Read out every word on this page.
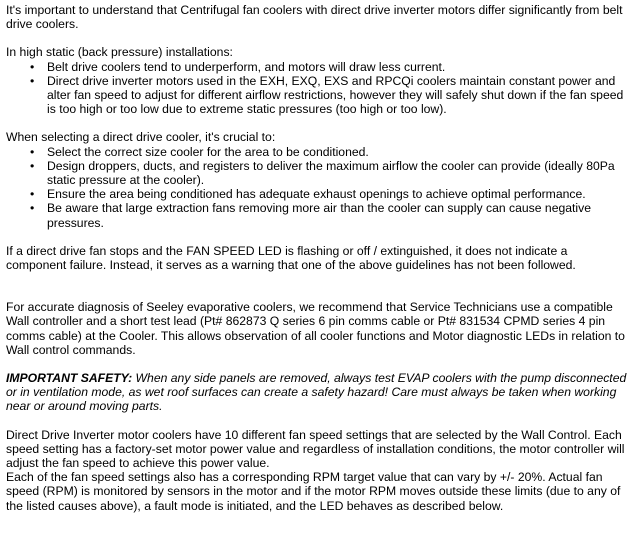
It's important to understand that Centrifugal fan coolers with direct drive inverter motors differ significantly from belt drive coolers.

In high static (back pressure) installations:

• Belt drive coolers tend to underperform, and motors will draw less current.
• Direct drive inverter motors used in the EXH, EXQ, EXS and RPCQi coolers maintain constant power and alter fan speed to adjust for different airflow restrictions, however they will safely shut down if the fan speed is too high or too low due to extreme static pressures (too high or too low).

When selecting a direct drive cooler, it's crucial to:

• Select the correct size cooler for the area to be conditioned.
• Design droppers, ducts, and registers to deliver the maximum airflow the cooler can provide (ideally 80Pa static pressure at the cooler).
• Ensure the area being conditioned has adequate exhaust openings to achieve optimal performance.
• Be aware that large extraction fans removing more air than the cooler can supply can cause negative pressures.

If a direct drive fan stops and the FAN SPEED LED is flashing or off / extinguished, it does not indicate a component failure. Instead, it serves as a warning that one of the above guidelines has not been followed.

For accurate diagnosis of Seeley evaporative coolers, we recommend that Service Technicians use a compatible Wall controller and a short test lead (Pt# 862873 Q series 6 pin comms cable or Pt# 831534 CPMD series 4 pin comms cable) at the Cooler. This allows observation of all cooler functions and Motor diagnostic LEDs in relation to Wall control commands.

IMPORTANT SAFETY: When any side panels are removed, always test EVAP coolers with the pump disconnected or in ventilation mode, as wet roof surfaces can create a safety hazard! Care must always be taken when working near or around moving parts.

Direct Drive Inverter motor coolers have 10 different fan speed settings that are selected by the Wall Control. Each speed setting has a factory-set motor power value and regardless of installation conditions, the motor controller will adjust the fan speed to achieve this power value.

Each of the fan speed settings also has a corresponding RPM target value that can vary by +/- 20%. Actual fan speed (RPM) is monitored by sensors in the motor and if the motor RPM moves outside these limits (due to any of the listed causes above), a fault mode is initiated, and the LED behaves as described below.
